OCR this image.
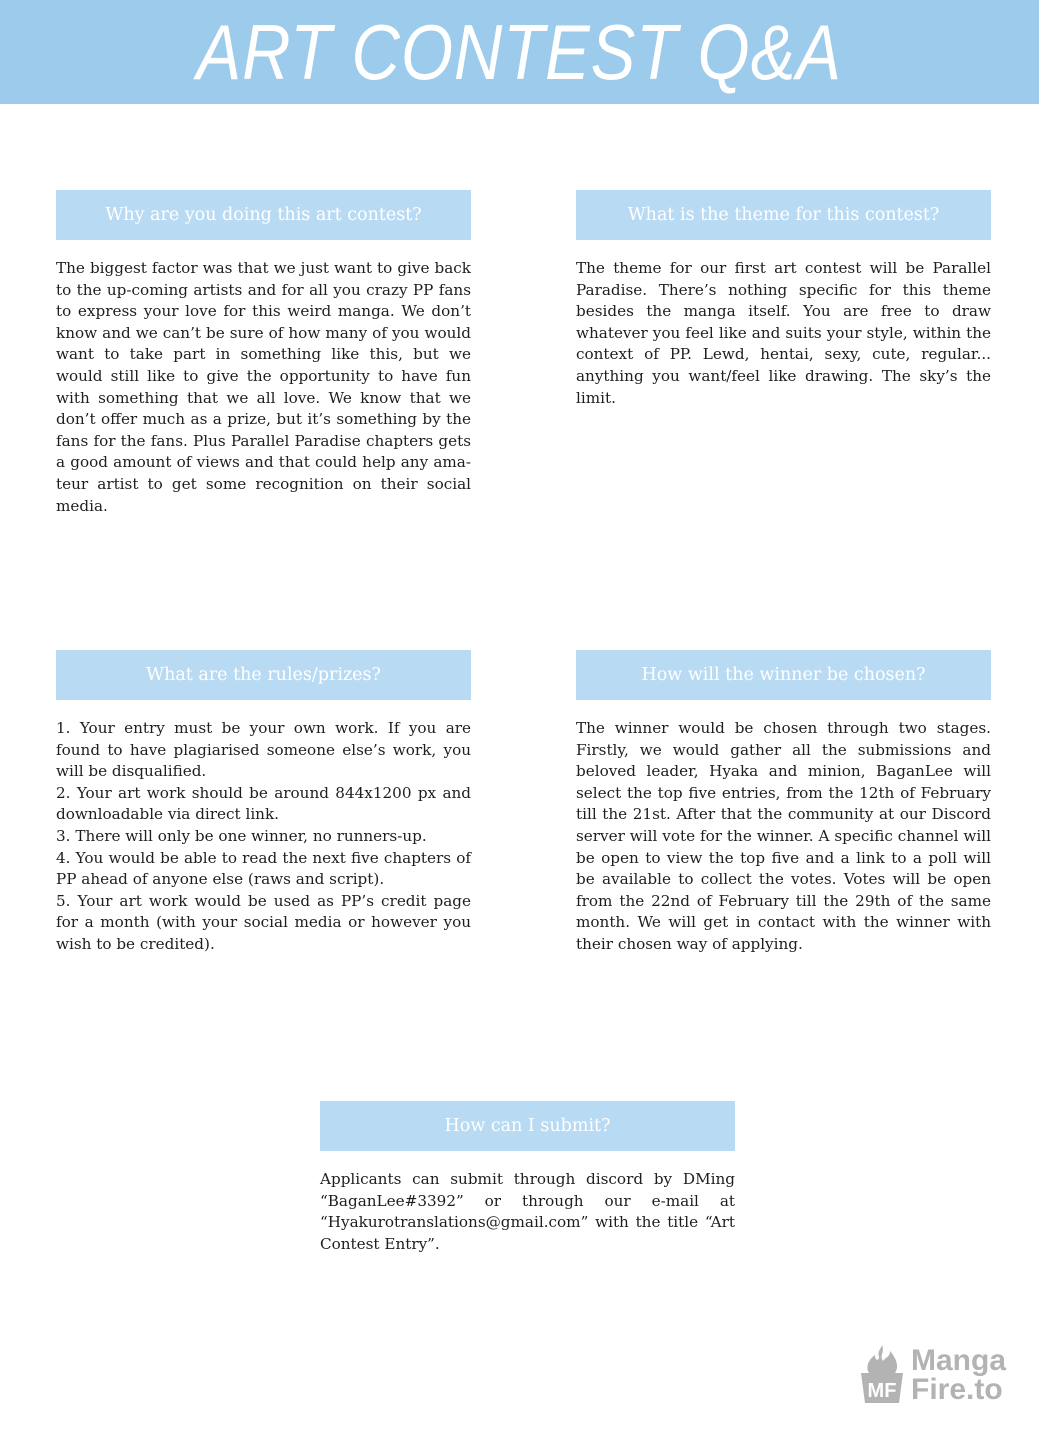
ART CONTEST Q&A
Why are you doing this art contest?
The biggest factor was that we just want to give back to the up-coming artists and for all you crazy PP fans to express your love for this weird manga. We don’t know and we can’t be sure of how many of you would want to take part in something like this, but we would still like to give the opportunity to have fun with something that we all love. We know that we don’t offer much as a prize, but it’s something by the fans for the fans. Plus Parallel Paradise chapters gets a good amount of views and that could help any amateur artist to get some recognition on their social media.
What is the theme for this contest?
The theme for our first art contest will be Parallel Paradise. There’s nothing specific for this theme besides the manga itself. You are free to draw whatever you feel like and suits your style, within the context of PP. Lewd, hentai, sexy, cute, regular... anything you want/feel like drawing. The sky’s the limit.
What are the rules/prizes?
1. Your entry must be your own work. If you are found to have plagiarised someone else’s work, you will be disqualified.
2. Your art work should be around 844x1200 px and downloadable via direct link.
3. There will only be one winner, no runners-up.
4. You would be able to read the next five chapters of PP ahead of anyone else (raws and script).
5. Your art work would be used as PP’s credit page for a month (with your social media or however you wish to be credited).
How will the winner be chosen?
The winner would be chosen through two stages. Firstly, we would gather all the submissions and beloved leader, Hyaka and minion, BaganLee will select the top five entries, from the 12th of February till the 21st. After that the community at our Discord server will vote for the winner. A specific channel will be open to view the top five and a link to a poll will be available to collect the votes. Votes will be open from the 22nd of February till the 29th of the same month. We will get in contact with the winner with their chosen way of applying.
How can I submit?
Applicants can submit through discord by DMing “BaganLee#3392” or through our e-mail at “Hyakurotranslations@gmail.com” with the title “Art Contest Entry”.
MF
Manga
Fire.to
